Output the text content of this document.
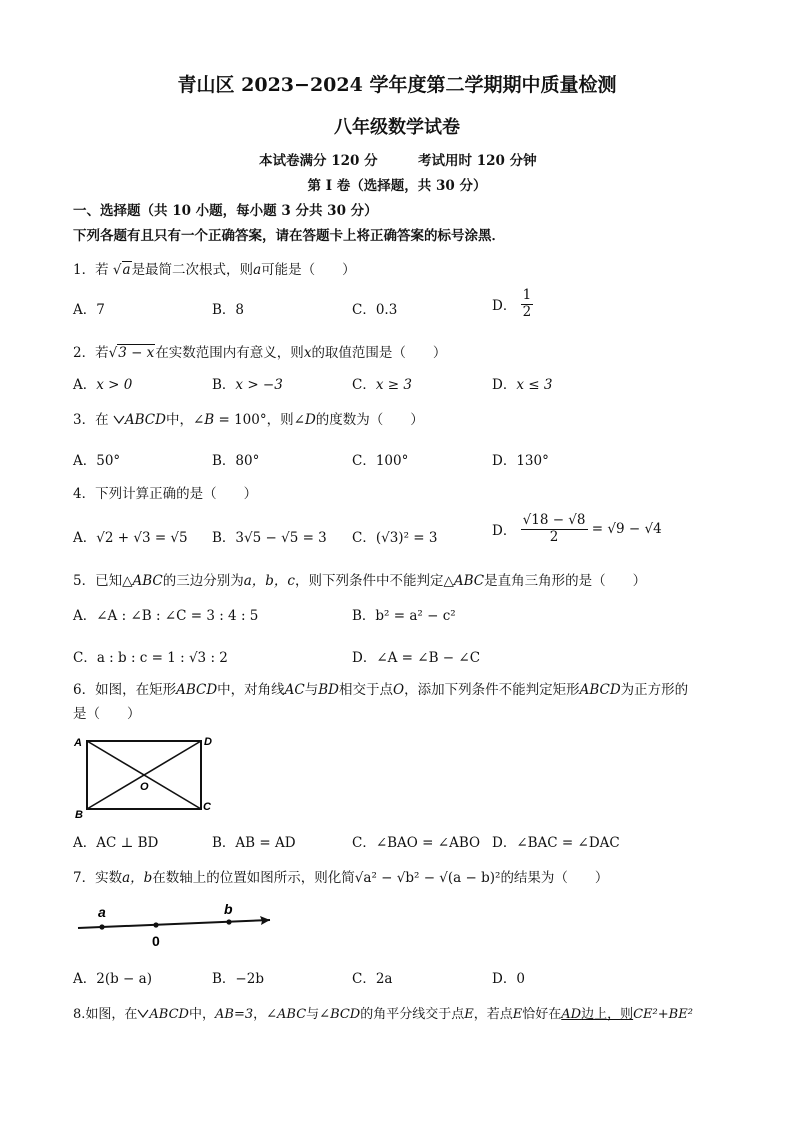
青山区 2023−2024 学年度第二学期期中质量检测
八年级数学试卷
本试卷满分 120 分	考试用时 120 分钟
第 I 卷（选择题，共 30 分）
一、选择题（共 10 小题，每小题 3 分共 30 分）
下列各题有且只有一个正确答案，请在答题卡上将正确答案的标号涂黑．
1．若 √a是最简二次根式，则a可能是（　　）
A．7	B．8	C．0.3	D． $\frac{1}{2}$
2．若√3 − x在实数范围内有意义，则x的取值范围是（　　）
A．x > 0	B．x > −3	C．x ≥ 3	D．x ≤ 3
3．在 ABCD中，∠B = 100°，则∠D的度数为（　　）
A．50°	B．80°	C．100°	D．130°
4．下列计算正确的是（　　）
A．√2 + √3 = √5 B．3√5 − √5 = 3 C．(√3)² = 3	D． $\frac{√18 - √8}{2} = √9 - √4$
5．已知△ABC的三边分别为a，b，c，则下列条件中不能判定△ABC是直角三角形的是（　　）
A．∠A : ∠B : ∠C = 3 : 4 : 5	B．b² = a² − c²
C．a : b : c = 1 : √3 : 2	D．∠A = ∠B − ∠C
6．如图，在矩形ABCD中，对角线AC与BD相交于点O，添加下列条件不能判定矩形ABCD为正方形的
是（　　）
A	D
B
C
O
A．AC ⊥ BD	B．AB = AD	C．∠BAO = ∠ABO D．∠BAC = ∠DAC
7．实数a，b在数轴上的位置如图所示，则化简√a² − √b² − √(a − b)²的结果为（　　）
a
0
b
A．2(b − a)	B．−2b	C．2a	D．0
8.如图，在 ABCD中，AB=3，∠ABC与∠BCD的角平分线交于点E，若点E恰好在AD边上，则CE²+BE²
